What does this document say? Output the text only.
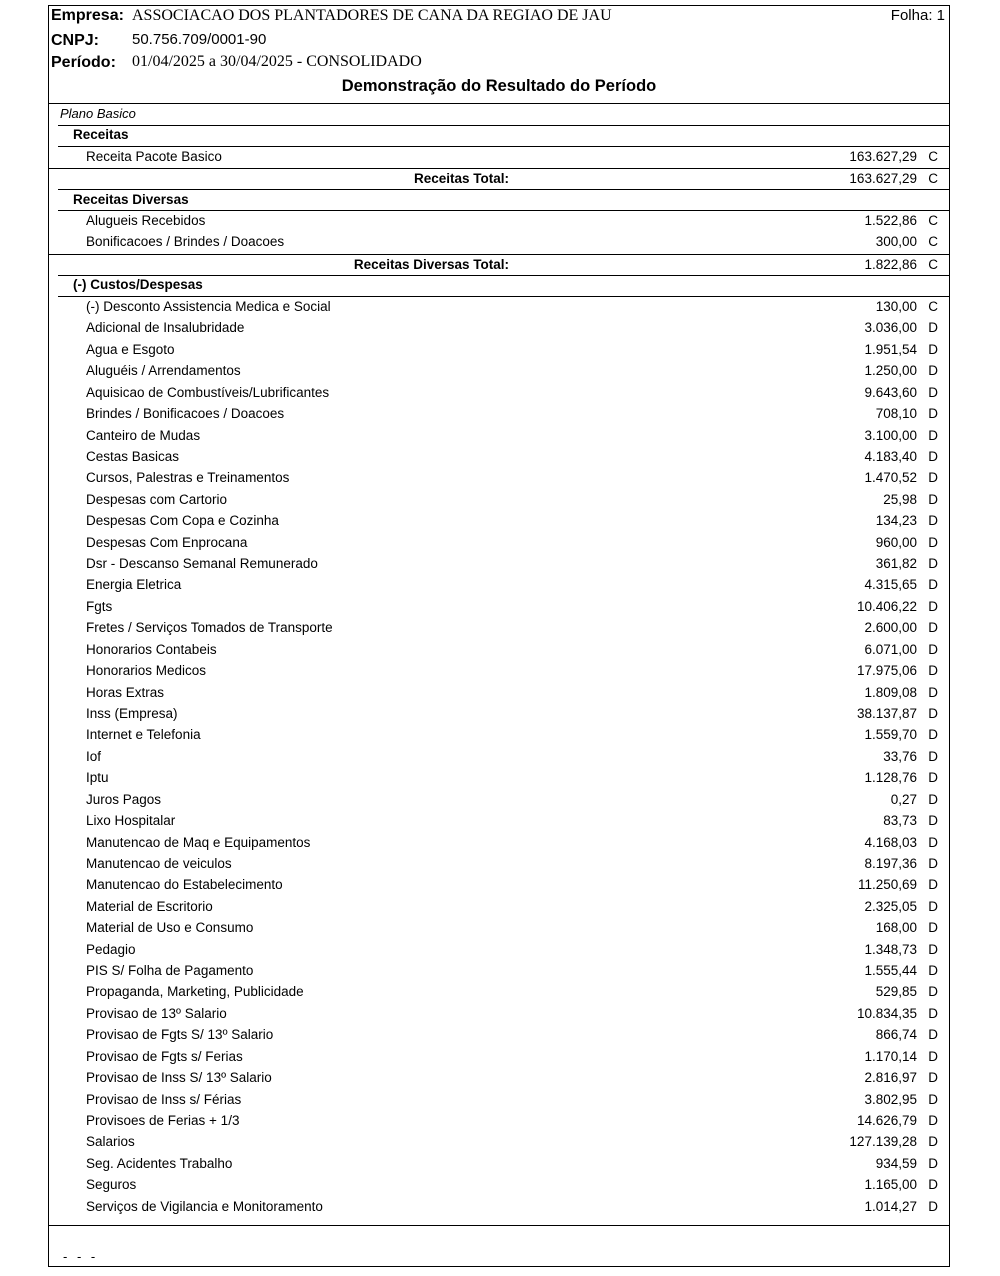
Empresa: ASSOCIACAO DOS PLANTADORES DE CANA DA REGIAO DE JAU	Folha: 1
CNPJ: 50.756.709/0001-90
Período: 01/04/2025 a 30/04/2025 - CONSOLIDADO
Demonstração do Resultado do Período
Plano Basico
Receitas
Receita Pacote Basico	163.627,29 C
Receitas Total:	163.627,29 C
Receitas Diversas
Alugueis Recebidos	1.522,86 C
Bonificacoes / Brindes / Doacoes	300,00 C
Receitas Diversas Total:	1.822,86 C
(-) Custos/Despesas
(-) Desconto Assistencia Medica e Social	130,00 C
Adicional de Insalubridade	3.036,00 D
Agua e Esgoto	1.951,54 D
Aluguéis / Arrendamentos	1.250,00 D
Aquisicao de Combustíveis/Lubrificantes	9.643,60 D
Brindes / Bonificacoes / Doacoes	708,10 D
Canteiro de Mudas	3.100,00 D
Cestas Basicas	4.183,40 D
Cursos, Palestras e Treinamentos	1.470,52 D
Despesas com Cartorio	25,98 D
Despesas Com Copa e Cozinha	134,23 D
Despesas Com Enprocana	960,00 D
Dsr - Descanso Semanal Remunerado	361,82 D
Energia Eletrica	4.315,65 D
Fgts	10.406,22 D
Fretes / Serviços Tomados de Transporte	2.600,00 D
Honorarios Contabeis	6.071,00 D
Honorarios Medicos	17.975,06 D
Horas Extras	1.809,08 D
Inss (Empresa)	38.137,87 D
Internet e Telefonia	1.559,70 D
Iof	33,76 D
Iptu	1.128,76 D
Juros Pagos	0,27 D
Lixo Hospitalar	83,73 D
Manutencao de Maq e Equipamentos	4.168,03 D
Manutencao de veiculos	8.197,36 D
Manutencao do Estabelecimento	11.250,69 D
Material de Escritorio	2.325,05 D
Material de Uso e Consumo	168,00 D
Pedagio	1.348,73 D
PIS S/ Folha de Pagamento	1.555,44 D
Propaganda, Marketing, Publicidade	529,85 D
Provisao de 13º Salario	10.834,35 D
Provisao de Fgts S/ 13º Salario	866,74 D
Provisao de Fgts s/ Ferias	1.170,14 D
Provisao de Inss S/ 13º Salario	2.816,97 D
Provisao de Inss s/ Férias	3.802,95 D
Provisoes de Ferias + 1/3	14.626,79 D
Salarios	127.139,28 D
Seg. Acidentes Trabalho	934,59 D
Seguros	1.165,00 D
Serviços de Vigilancia e Monitoramento	1.014,27 D
- - -
